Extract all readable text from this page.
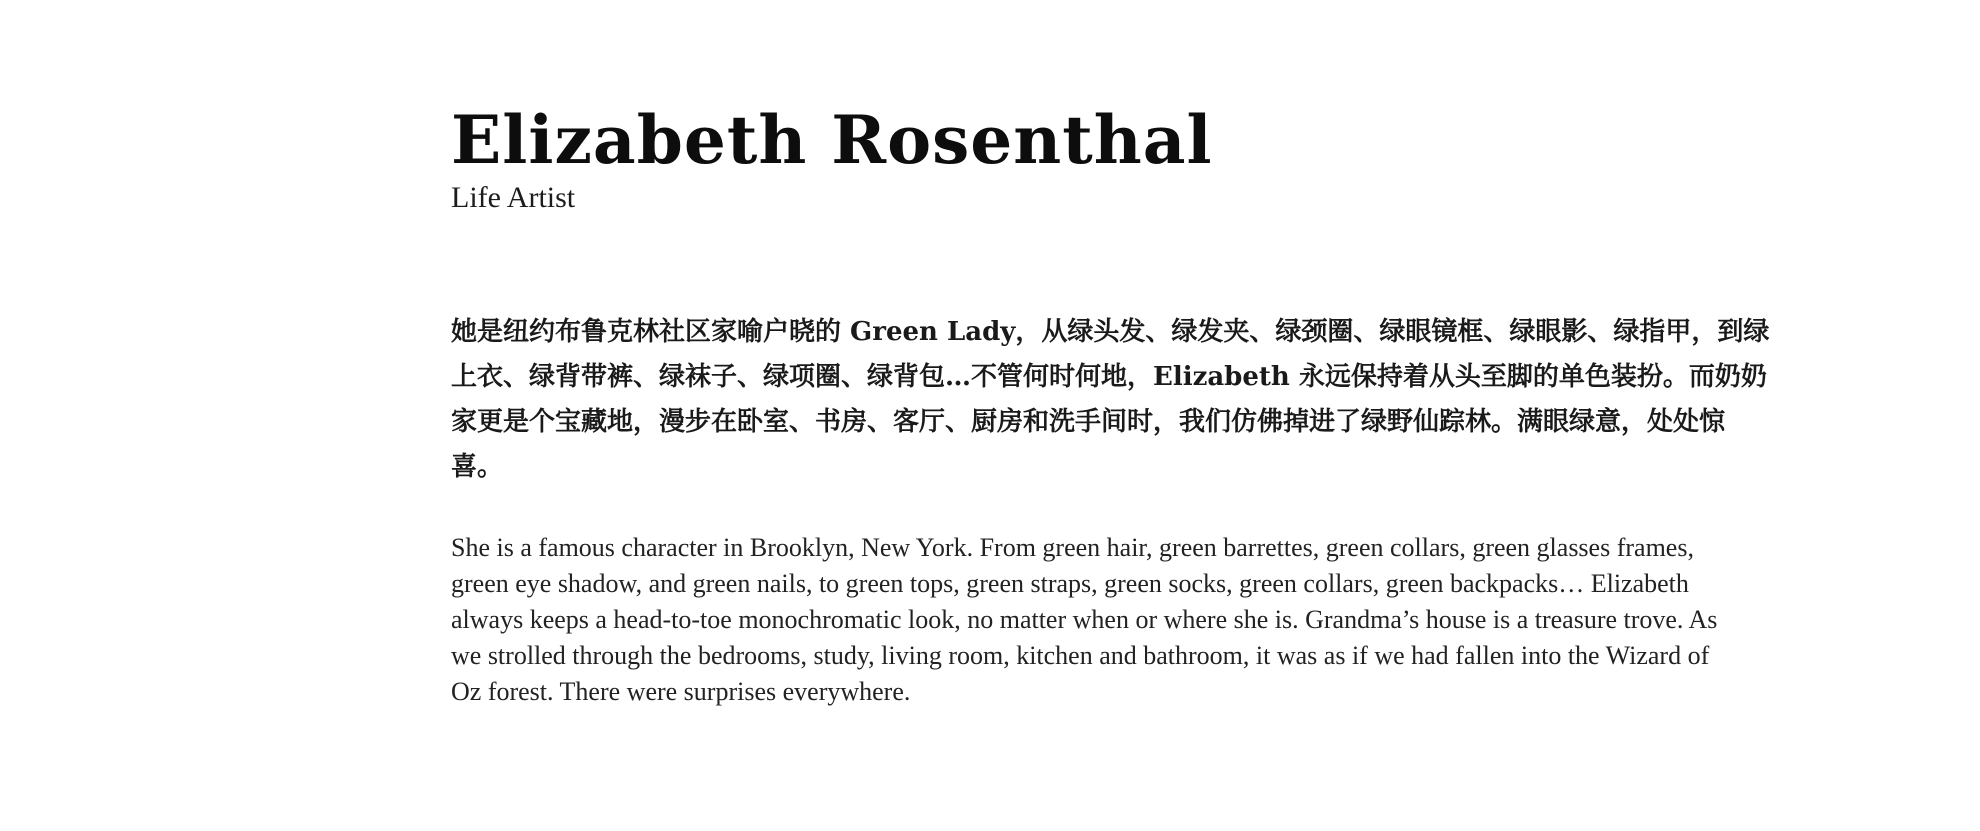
Elizabeth Rosenthal

Life Artist

她是纽约布鲁克林社区家喻户晓的 Green Lady，从绿头发、绿发夹、绿颈圈、绿眼镜框、绿眼影、绿指甲，到绿上衣、绿背带裤、绿袜子、绿项圈、绿背包…不管何时何地，Elizabeth 永远保持着从头至脚的单色装扮。而奶奶家更是个宝藏地，漫步在卧室、书房、客厅、厨房和洗手间时，我们仿佛掉进了绿野仙踪林。满眼绿意，处处惊喜。

She is a famous character in Brooklyn, New York. From green hair, green barrettes, green collars, green glasses frames, green eye shadow, and green nails, to green tops, green straps, green socks, green collars, green backpacks… Elizabeth always keeps a head-to-toe monochromatic look, no matter when or where she is. Grandma’s house is a treasure trove. As we strolled through the bedrooms, study, living room, kitchen and bathroom, it was as if we had fallen into the Wizard of Oz forest. There were surprises everywhere.
